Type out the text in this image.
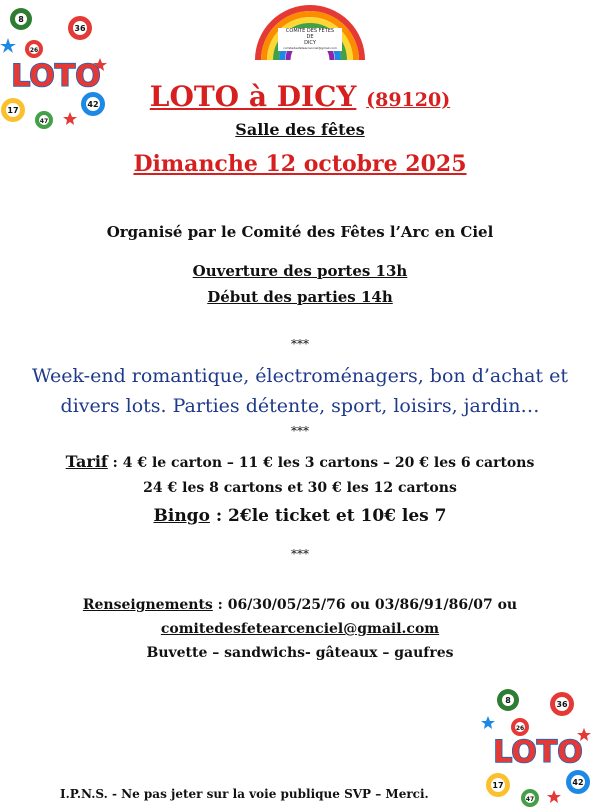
COMITÉ DES FÊTES
DE
DICY
comitedesfetearcenciel@gmail.com
8
36
26
17
42
47
LOTO
8	36
26
17	42
47
LOTO
LOTO à DICY (89120)
Salle des fêtes
Dimanche 12 octobre 2025
Organisé par le Comité des Fêtes l’Arc en Ciel
Ouverture des portes 13h
Début des parties 14h
***
Week-end romantique, électroménagers, bon d’achat et
divers lots. Parties détente, sport, loisirs, jardin…
***
Tarif : 4 € le carton – 11 € les 3 cartons – 20 € les 6 cartons
24 € les 8 cartons et 30 € les 12 cartons
Bingo : 2€le ticket et 10€ les 7
***
Renseignements : 06/30/05/25/76 ou 03/86/91/86/07 ou
comitedesfetearcenciel@gmail.com
Buvette – sandwichs- gâteaux – gaufres
I.P.N.S. - Ne pas jeter sur la voie publique SVP – Merci.
